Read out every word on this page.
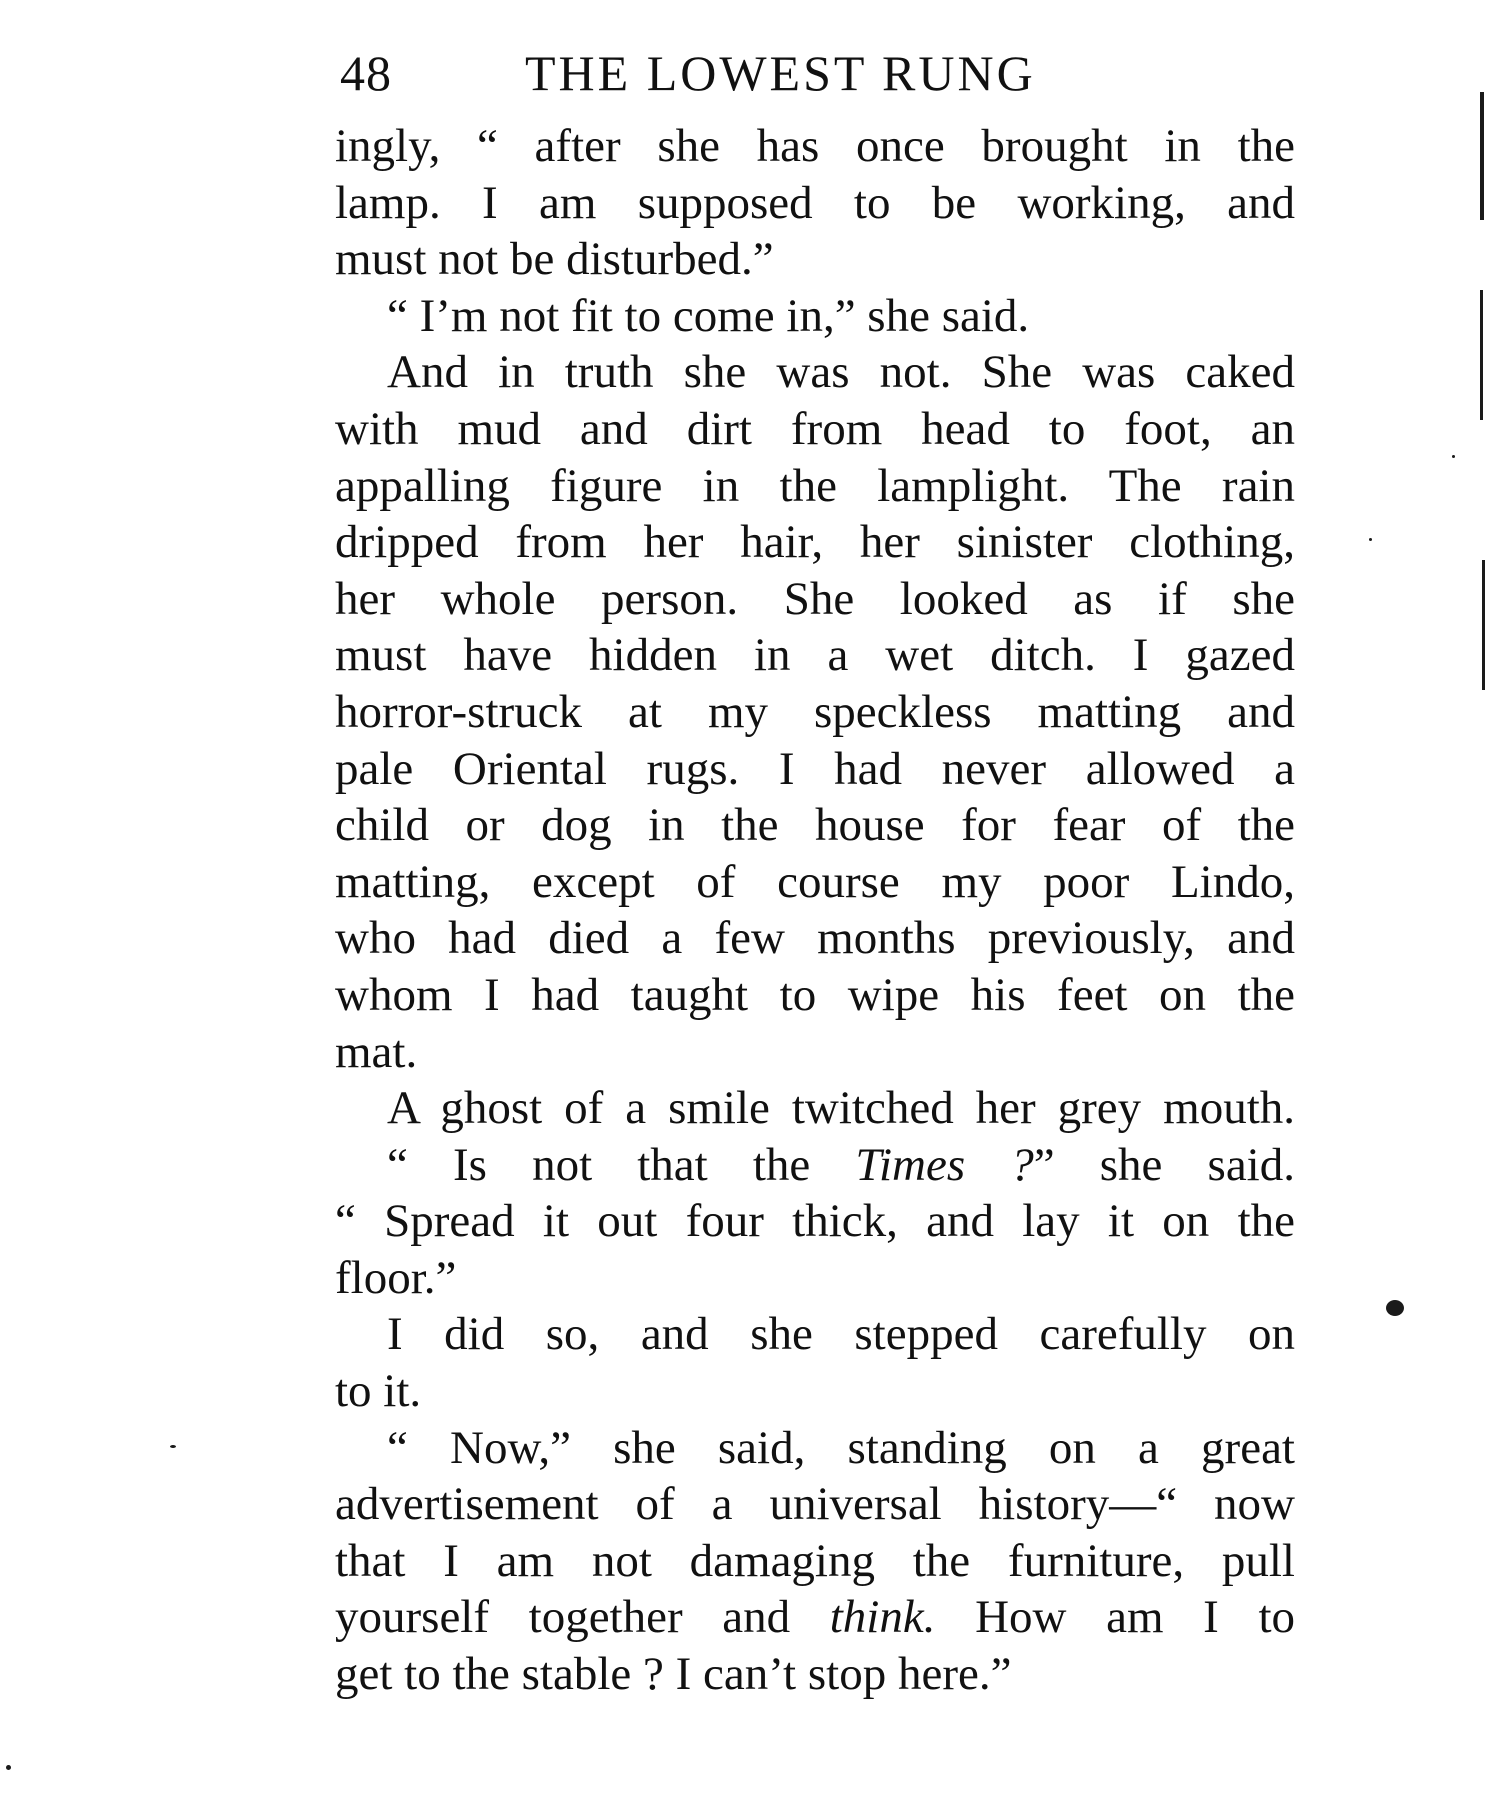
48	THE LOWEST RUNG
ingly, “ after she has once brought in the
lamp. I am supposed to be working, and
must not be disturbed.”
“ I’m not fit to come in,” she said.
And in truth she was not. She was caked
with mud and dirt from head to foot, an
appalling figure in the lamplight. The rain
dripped from her hair, her sinister clothing,
her whole person. She looked as if she
must have hidden in a wet ditch. I gazed
horror-struck at my speckless matting and
pale Oriental rugs. I had never allowed a
child or dog in the house for fear of the
matting, except of course my poor Lindo,
who had died a few months previously, and
whom I had taught to wipe his feet on the
mat.
A ghost of a smile twitched her grey mouth.
“ Is not that the Times ?” she said.
“ Spread it out four thick, and lay it on the
floor.”
I did so, and she stepped carefully on
to it.
“ Now,” she said, standing on a great
advertisement of a universal history—“ now
that I am not damaging the furniture, pull
yourself together and think. How am I to
get to the stable ? I can’t stop here.”
